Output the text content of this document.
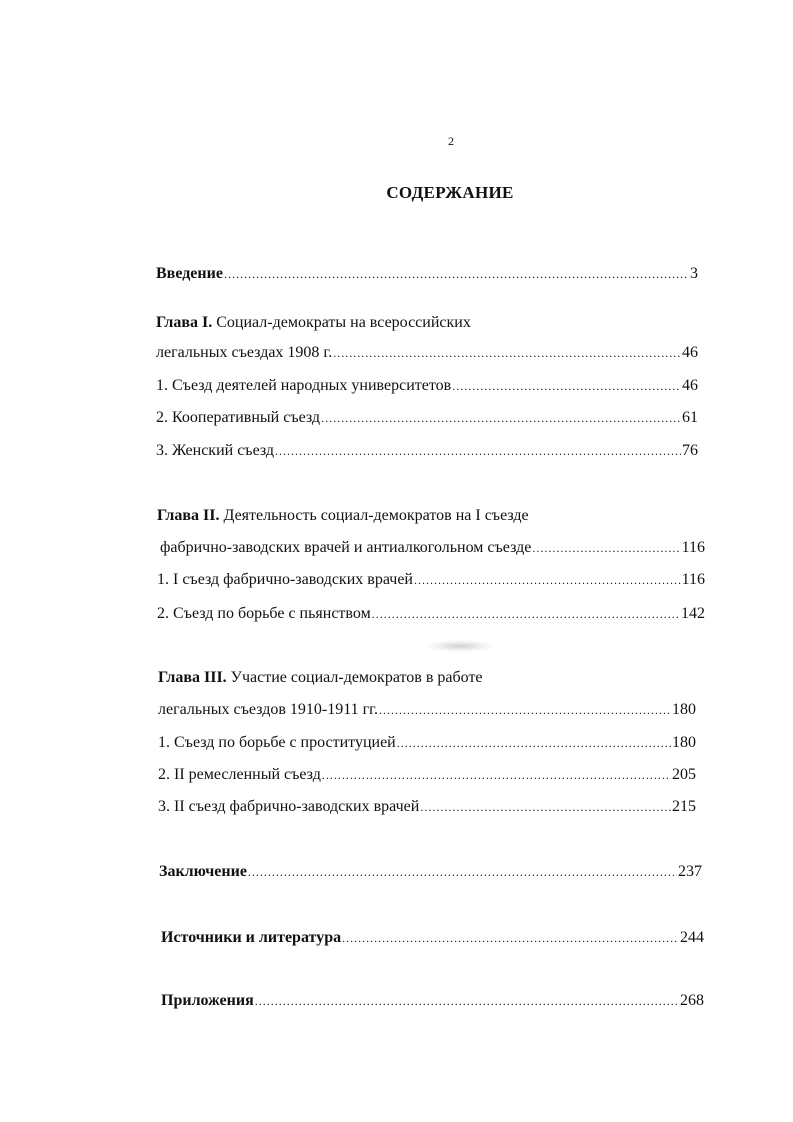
2
СОДЕРЖАНИЕ
Введение .....	3
Глава I. Социал-демократы на всероссийских
легальных съездах 1908 г. .....	46
1. Съезд деятелей народных университетов .....	46
2. Кооперативный съезд .....	61
3. Женский съезд .....	76
Глава II. Деятельность социал-демократов на I съезде
фабрично-заводских врачей и антиалкогольном съезде .....	116
1. I съезд фабрично-заводских врачей .....	116
2. Съезд по борьбе с пьянством .....	142
Глава III. Участие социал-демократов в работе
легальных съездов 1910-1911 гг. .....	180
1. Съезд по борьбе с проституцией .....	180
2. II ремесленный съезд .....	205
3. II съезд фабрично-заводских врачей .....	215
Заключение .....	237
Источники и литература .....	244
Приложения .....	268
